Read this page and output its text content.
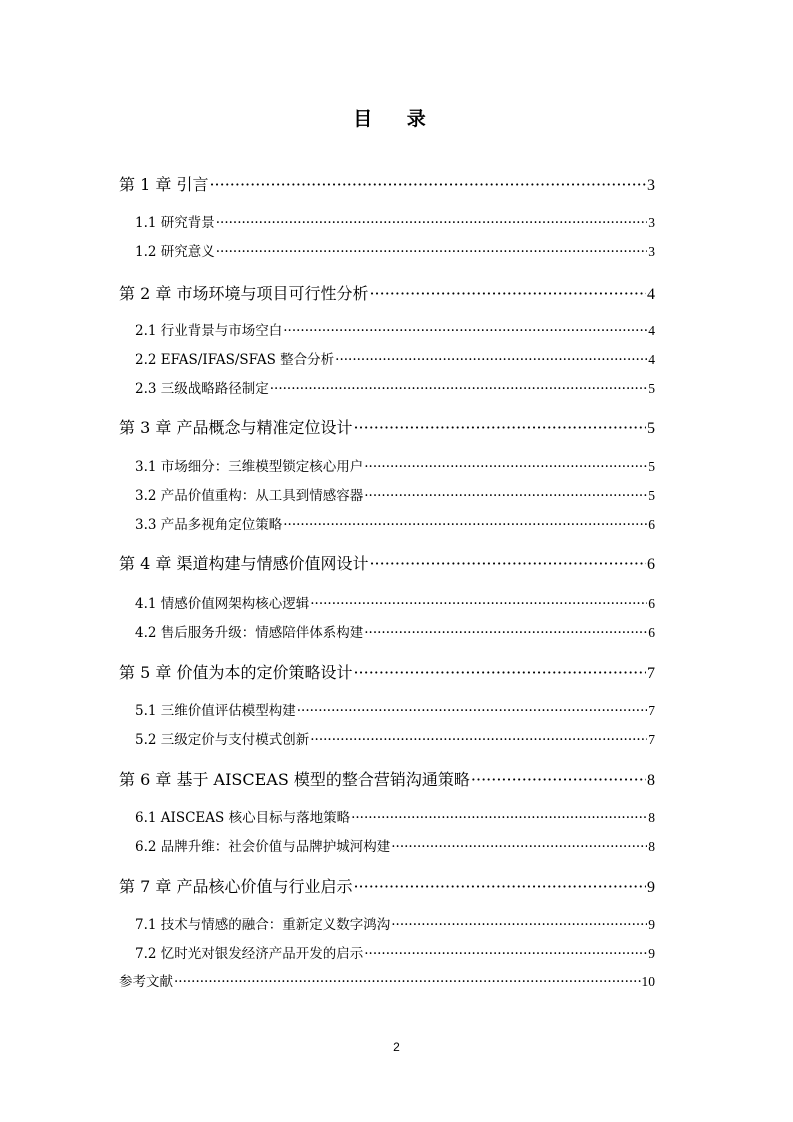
目 录
第 1 章 引言 ·····	3
1.1 研究背景 ·····	3
1.2 研究意义 ·····	3
第 2 章 市场环境与项目可行性分析 ·····	4
2.1 行业背景与市场空白 ·····	4
2.2 EFAS/IFAS/SFAS 整合分析 ·····	4
2.3 三级战略路径制定 ·····	5
第 3 章 产品概念与精准定位设计 ·····	5
3.1 市场细分：三维模型锁定核心用户 ·····	5
3.2 产品价值重构：从工具到情感容器 ·····	5
3.3 产品多视角定位策略 ·····	6
第 4 章 渠道构建与情感价值网设计 ·····	6
4.1 情感价值网架构核心逻辑 ·····	6
4.2 售后服务升级：情感陪伴体系构建 ·····	6
第 5 章 价值为本的定价策略设计 ·····	7
5.1 三维价值评估模型构建 ·····	7
5.2 三级定价与支付模式创新 ·····	7
第 6 章 基于 AISCEAS 模型的整合营销沟通策略 ·····	8
6.1 AISCEAS 核心目标与落地策略 ·····	8
6.2 品牌升维：社会价值与品牌护城河构建 ·····	8
第 7 章 产品核心价值与行业启示 ·····	9
7.1 技术与情感的融合：重新定义数字鸿沟 ·····	9
7.2 忆时光对银发经济产品开发的启示 ·····	9
参考文献 ·····	10
2
